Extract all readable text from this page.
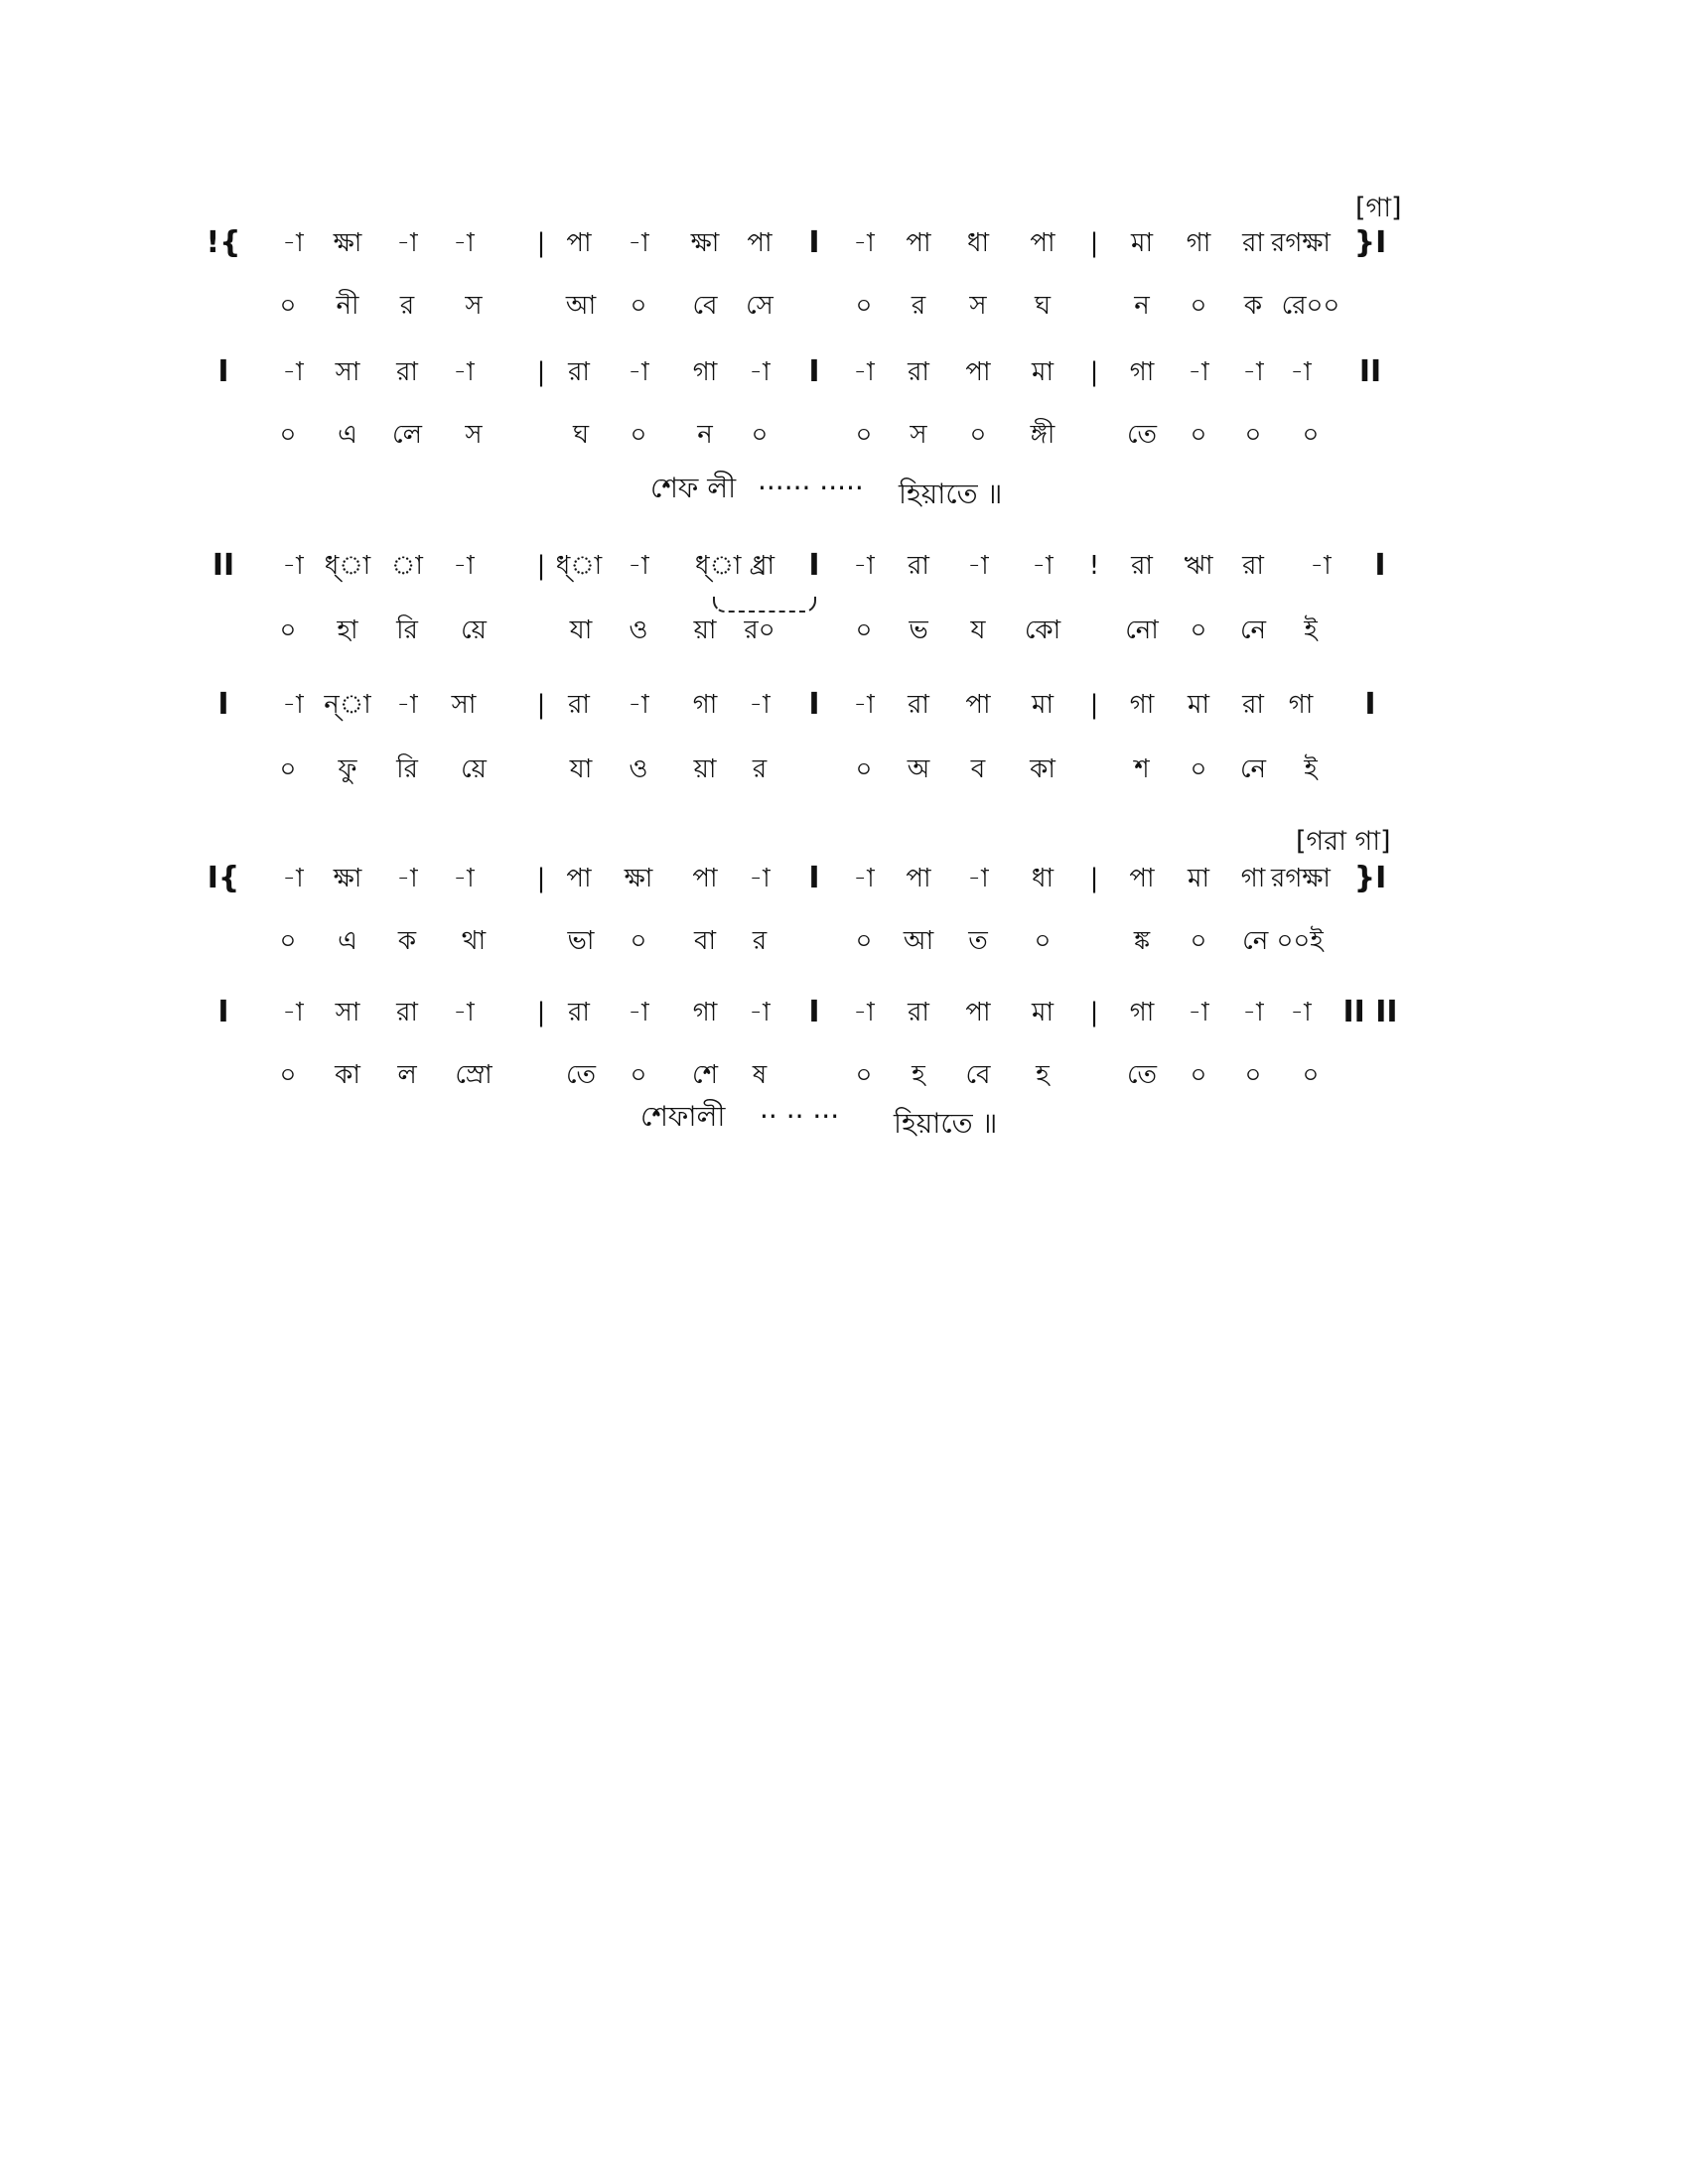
[গা]
!{ -া ক্ষা -া -া | পা -া ক্ষা পা I -া পা ধা পা | মা গা রা রগক্ষা }I
০ নী র স	আ ০ বে সে	০ র স ঘ	ন ০ ক রে০০
I -া সা রা -া | রা -া গা -া I -া রা পা মা | গা -া -া -া II
০ এ লে স	ঘ ০ ন ০	০ স ০ ঙ্গী	তে ০ ০ ০
শেফ লী ······ ····· হিয়াতে ॥
II -া ধ্া া -া | ধ্া -া ধ্া ধ্রা I -া রা -া -া ! রা ঋা রা -া I
০ হা রি য়ে	যা ও য়া র০	০ ভ য কো	নো ০ নে ই
I -া ন্া -া সা | রা -া গা -া I -া রা পা মা | গা মা রা গা I
০ ফু রি য়ে	যা ও য়া র	০ অ ব কা	শ ০ নে ই
[গরা গা]
I{ -া ক্ষা -া -া | পা ক্ষা পা -া I -া পা -া ধা | পা মা গা রগক্ষা }I
০ এ ক থা	ভা ০ বা র	০ আ ত ০	ঙ্ক ০ নে ০০ই
I -া সা রা -া | রা -া গা -া I -া রা পা মা | গা -া -া -া II II
০ কা ল স্রো	তে ০ শে ষ	০ হ বে হ	তে ০ ০ ০
শেফালী ·· ·· ··· হিয়াতে ॥
